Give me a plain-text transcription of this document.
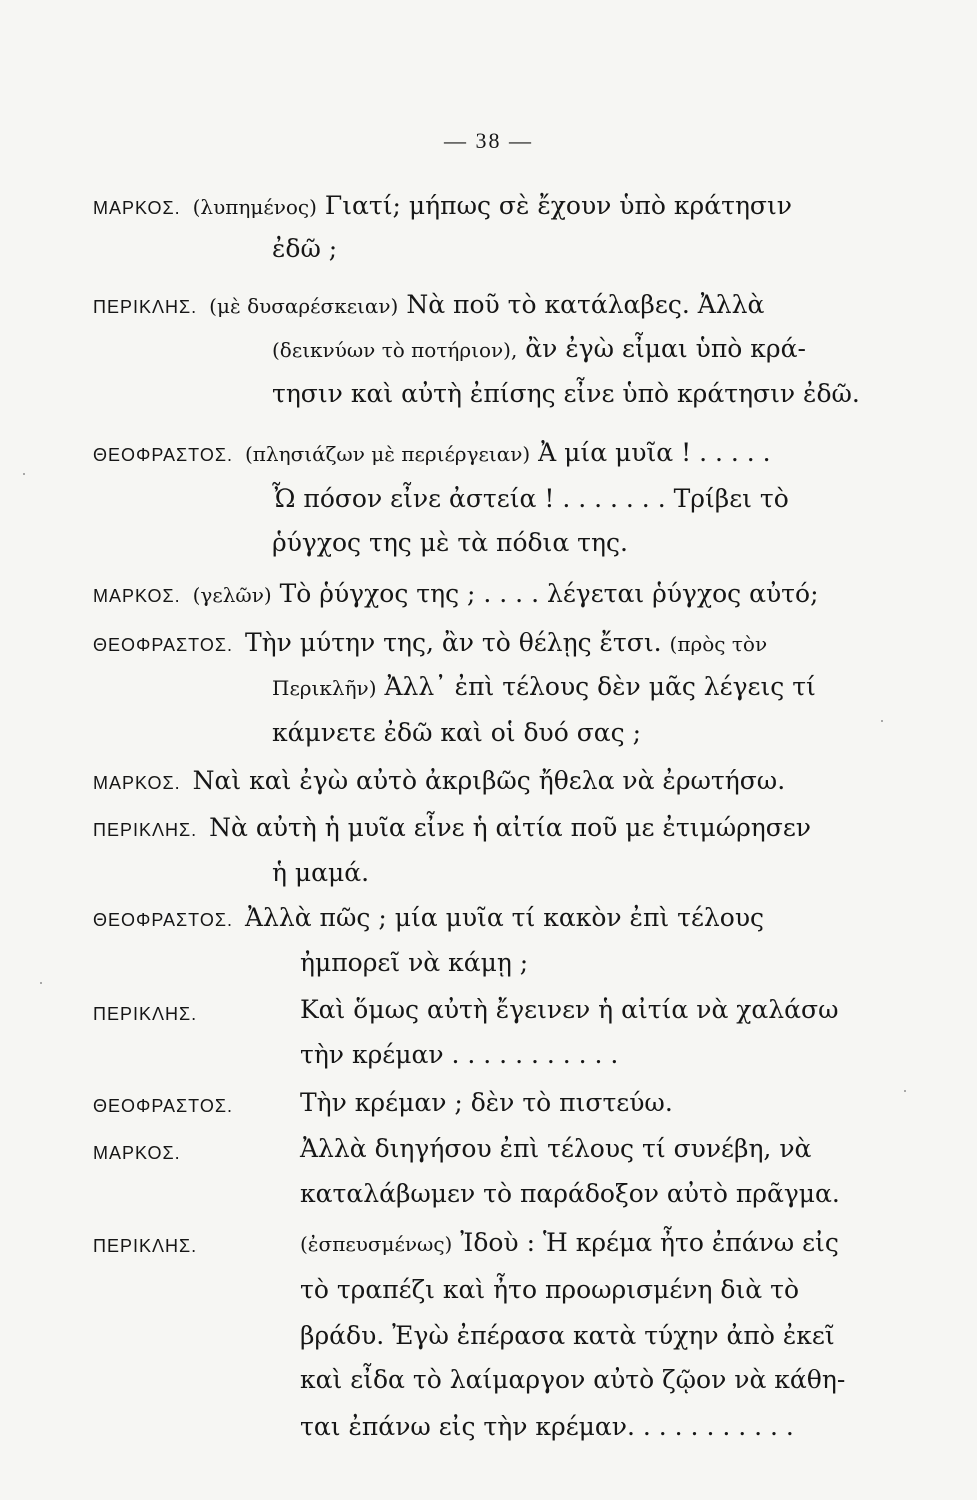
— 38 —
ΜΑΡΚΟΣ. (λυπημένος) Γιατί; μήπως σὲ ἔχουν ὑπὸ κράτησιν
ἐδῶ ;
ΠΕΡΙΚΛΗΣ. (μὲ δυσαρέσκειαν) Νὰ ποῦ τὸ κατάλαβες. Ἀλλὰ
(δεικνύων τὸ ποτήριον), ἂν ἐγὼ εἶμαι ὑπὸ κρά-
τησιν καὶ αὐτὴ ἐπίσης εἶνε ὑπὸ κράτησιν ἐδῶ.
ΘΕΟΦΡΑΣΤΟΣ. (πλησιάζων μὲ περιέργειαν) Ἀ μία μυῖα ! . . . . .
Ὦ πόσον εἶνε ἀστεία ! . . . . . . . Τρίβει τὸ
ῥύγχος της μὲ τὰ πόδια της.
ΜΑΡΚΟΣ. (γελῶν) Τὸ ῥύγχος της ; . . . . λέγεται ῥύγχος αὐτό;
ΘΕΟΦΡΑΣΤΟΣ. Τὴν μύτην της, ἂν τὸ θέλῃς ἔτσι. (πρὸς τὸν
Περικλῆν) Ἀλλ᾿ ἐπὶ τέλους δὲν μᾶς λέγεις τί
κάμνετε ἐδῶ καὶ οἱ δυό σας ;
ΜΑΡΚΟΣ. Ναὶ καὶ ἐγὼ αὐτὸ ἀκριβῶς ἤθελα νὰ ἐρωτήσω.
ΠΕΡΙΚΛΗΣ. Νὰ αὐτὴ ἡ μυῖα εἶνε ἡ αἰτία ποῦ με ἐτιμώρησεν
ἡ μαμά.
ΘΕΟΦΡΑΣΤΟΣ. Ἀλλὰ πῶς ; μία μυῖα τί κακὸν ἐπὶ τέλους
ἠμπορεῖ νὰ κάμῃ ;
ΠΕΡΙΚΛΗΣ.	Καὶ ὅμως αὐτὴ ἔγεινεν ἡ αἰτία νὰ χαλάσω
τὴν κρέμαν . . . . . . . . . . .
ΘΕΟΦΡΑΣΤΟΣ.	Τὴν κρέμαν ; δὲν τὸ πιστεύω.
ΜΑΡΚΟΣ.	Ἀλλὰ διηγήσου ἐπὶ τέλους τί συνέβη, νὰ
καταλάβωμεν τὸ παράδοξον αὐτὸ πρᾶγμα.
ΠΕΡΙΚΛΗΣ.	(ἐσπευσμένως) Ἰδοὺ : Ἡ κρέμα ἦτο ἐπάνω εἰς
τὸ τραπέζι καὶ ἦτο προωρισμένη διὰ τὸ
βράδυ. Ἐγὼ ἐπέρασα κατὰ τύχην ἀπὸ ἐκεῖ
καὶ εἶδα τὸ λαίμαργον αὐτὸ ζῷον νὰ κάθη-
ται ἐπάνω εἰς τὴν κρέμαν. . . . . . . . . . .
